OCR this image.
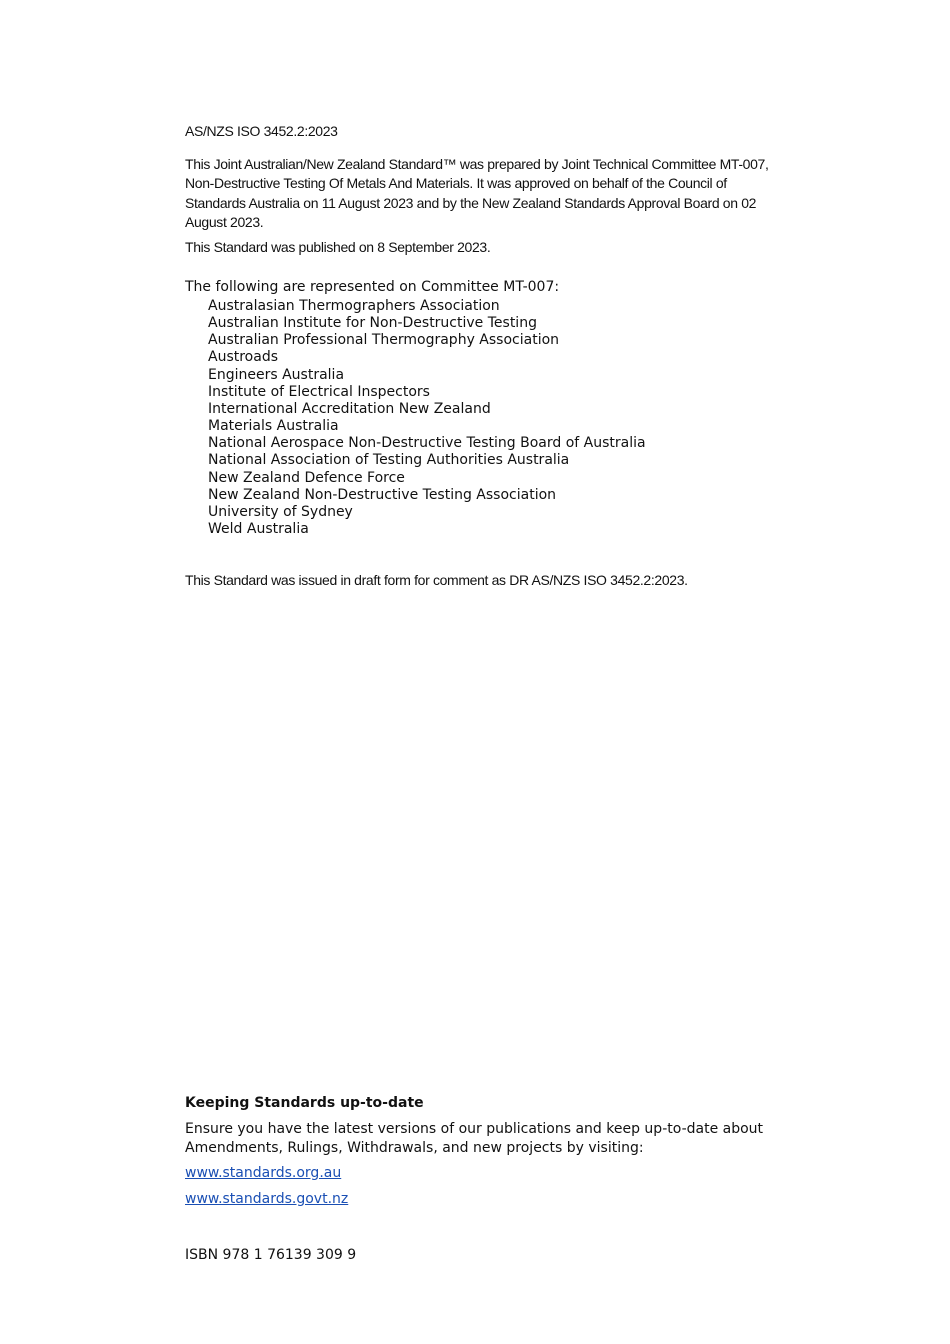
AS/NZS ISO 3452.2:2023

This Joint Australian/New Zealand Standard™ was prepared by Joint Technical Committee MT-007, Non-Destructive Testing Of Metals And Materials. It was approved on behalf of the Council of Standards Australia on 11 August 2023 and by the New Zealand Standards Approval Board on 02 August 2023.

This Standard was published on 8 September 2023.
The following are represented on Committee MT-007:
Australasian Thermographers Association
Australian Institute for Non-Destructive Testing
Australian Professional Thermography Association
Austroads
Engineers Australia
Institute of Electrical Inspectors
International Accreditation New Zealand
Materials Australia
National Aerospace Non-Destructive Testing Board of Australia
National Association of Testing Authorities Australia
New Zealand Defence Force
New Zealand Non-Destructive Testing Association
University of Sydney
Weld Australia
This Standard was issued in draft form for comment as DR AS/NZS ISO 3452.2:2023.
Keeping Standards up-to-date

Ensure you have the latest versions of our publications and keep up-to-date about Amendments, Rulings, Withdrawals, and new projects by visiting:

www.standards.org.au
www.standards.govt.nz
ISBN 978 1 76139 309 9
